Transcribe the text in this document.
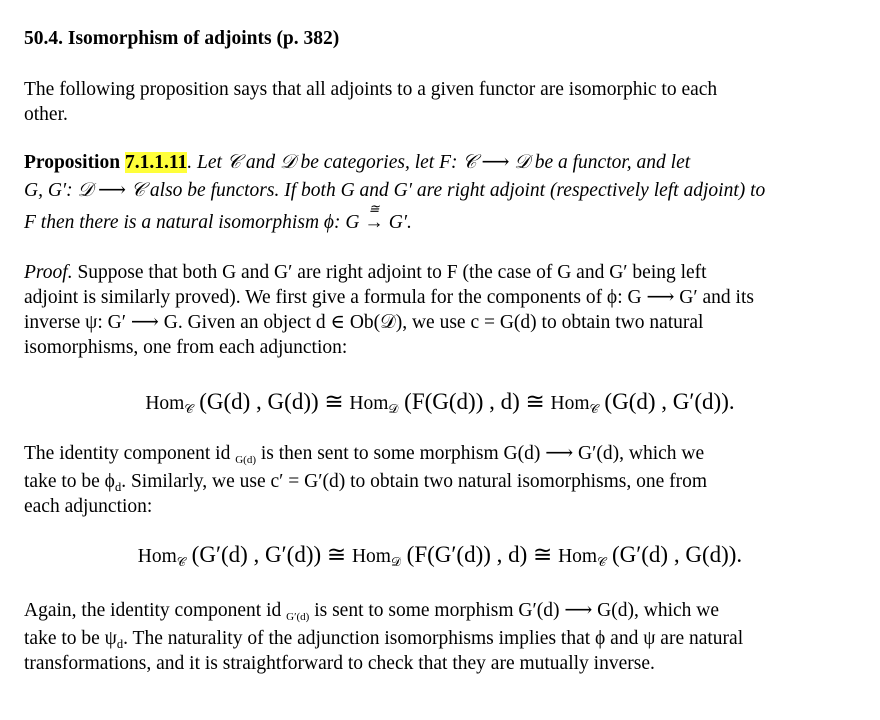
50.4. Isomorphism of adjoints (p. 382)
The following proposition says that all adjoints to a given functor are isomorphic to each
other.
Proposition 7.1.1.11. Let 𝒞 and 𝒟 be categories, let F: 𝒞 ⟶ 𝒟 be a functor, and let
G, G′: 𝒟 ⟶ 𝒞 also be functors. If both G and G′ are right adjoint (respectively left adjoint) to
F then there is a natural isomorphism ϕ: G
≅
→ G′.
Proof. Suppose that both G and G′ are right adjoint to F (the case of G and G′ being left
adjoint is similarly proved). We first give a formula for the components of ϕ: G ⟶ G′ and its
inverse ψ: G′ ⟶ G. Given an object d ∈ Ob(𝒟), we use c = G(d) to obtain two natural
isomorphisms, one from each adjunction:
Hom$_𝒞$ (G(d) , G(d)) ≅ Hom$_𝒟$ (F(G(d)) , d) ≅ Hom$_𝒞$ (G(d) , G′(d)).
The identity component id $_{G(d)}$ is then sent to some morphism G(d) ⟶ G′(d), which we
take to be $\phi_d$. Similarly, we use c′ = G′(d) to obtain two natural isomorphisms, one from
each adjunction:
Hom$_𝒞$ (G′(d) , G′(d)) ≅ Hom$_𝒟$ (F(G′(d)) , d) ≅ Hom$_𝒞$ (G′(d) , G(d)).
Again, the identity component id $_{G'(d)}$ is sent to some morphism G′(d) ⟶ G(d), which we
take to be $\psi_d$. The naturality of the adjunction isomorphisms implies that ϕ and ψ are natural
transformations, and it is straightforward to check that they are mutually inverse.
